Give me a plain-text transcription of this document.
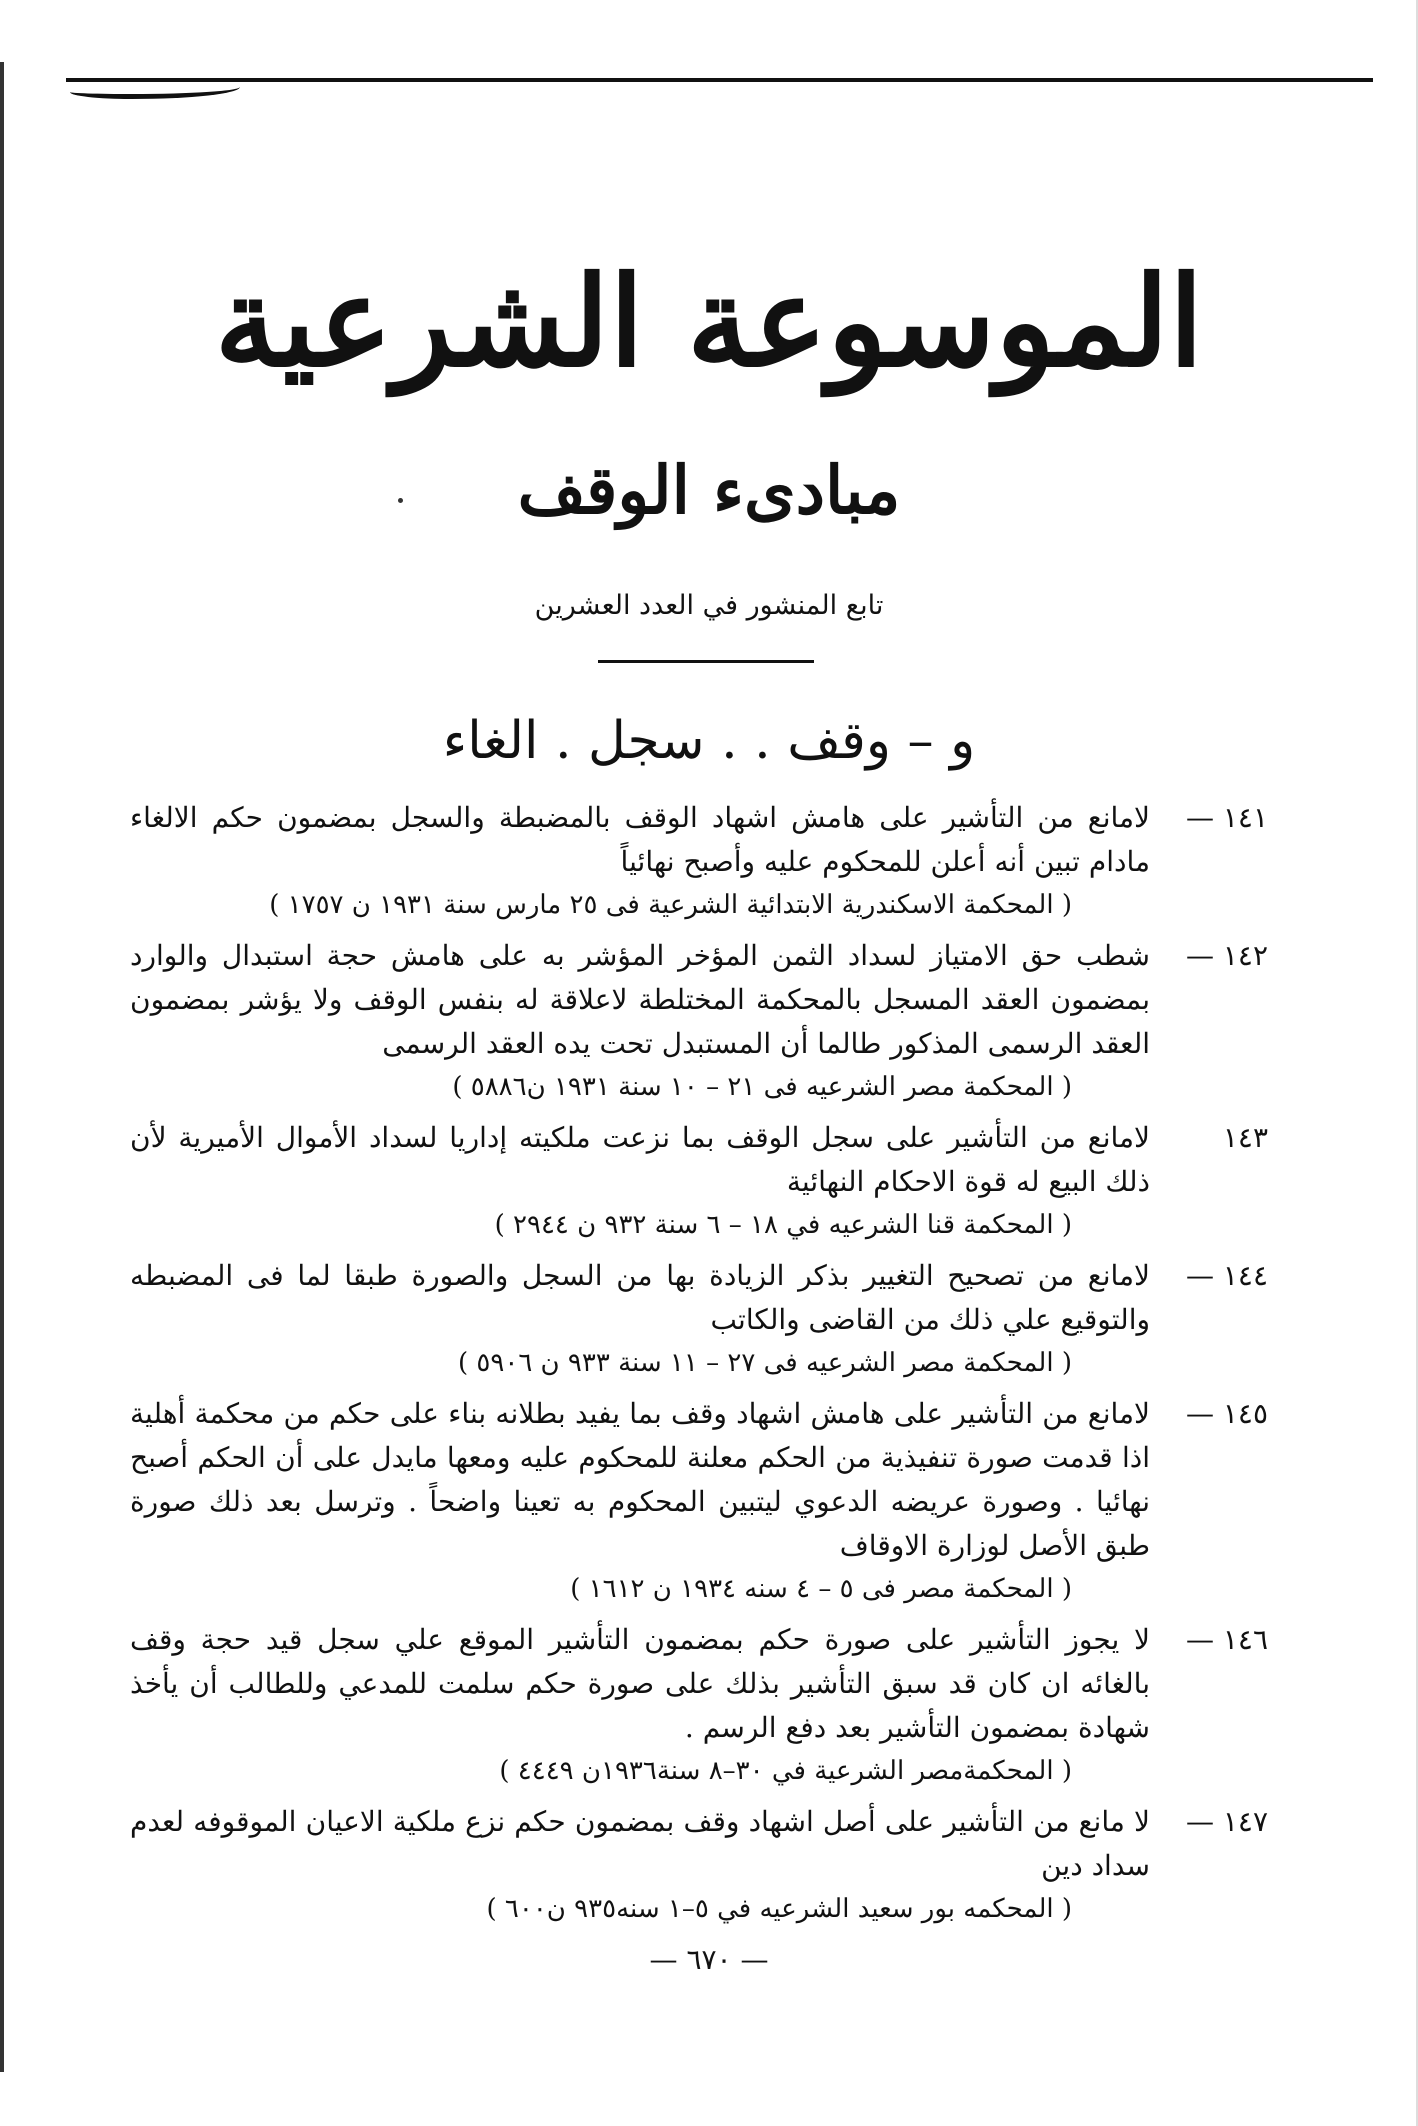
الموسوعة الشرعية
مبادىء الوقف
تابع المنشور في العدد العشرين
و – وقف . . سجل . الغاء
١٤١ —
لامانع من التأشير على هامش اشهاد الوقف بالمضبطة والسجل بمضمون حكم الالغاء مادام تبين أنه أعلن للمحكوم عليه وأصبح نهائياً
( المحكمة الاسكندرية الابتدائية الشرعية فى ٢٥ مارس سنة ١٩٣١ ن ١٧٥٧ )
١٤٢ —
شطب حق الامتياز لسداد الثمن المؤخر المؤشر به على هامش حجة استبدال والوارد بمضمون العقد المسجل بالمحكمة المختلطة لاعلاقة له بنفس الوقف ولا يؤشر بمضمون العقد الرسمى المذكور طالما أن المستبدل تحت يده العقد الرسمى
( المحكمة مصر الشرعيه فى ٢١ – ١٠ سنة ١٩٣١ ن٥٨٨٦ )
١٤٣
لامانع من التأشير على سجل الوقف بما نزعت ملكيته إداريا لسداد الأموال الأميرية لأن ذلك البيع له قوة الاحكام النهائية
( المحكمة قنا الشرعيه في ١٨ – ٦ سنة ٩٣٢ ن ٢٩٤٤ )
١٤٤ —
لامانع من تصحيح التغيير بذكر الزيادة بها من السجل والصورة طبقا لما فى المضبطه والتوقيع علي ذلك من القاضى والكاتب
( المحكمة مصر الشرعيه فى ٢٧ – ١١ سنة ٩٣٣ ن ٥٩٠٦ )
١٤٥ —
لامانع من التأشير على هامش اشهاد وقف بما يفيد بطلانه بناء على حكم من محكمة أهلية اذا قدمت صورة تنفيذية من الحكم معلنة للمحكوم عليه ومعها مايدل على أن الحكم أصبح نهائيا . وصورة عريضه الدعوي ليتبين المحكوم به تعينا واضحاً . وترسل بعد ذلك صورة طبق الأصل لوزارة الاوقاف
( المحكمة مصر فى ٥ – ٤ سنه ١٩٣٤ ن ١٦١٢ )
١٤٦ —
لا يجوز التأشير على صورة حكم بمضمون التأشير الموقع علي سجل قيد حجة وقف بالغائه ان كان قد سبق التأشير بذلك على صورة حكم سلمت للمدعي وللطالب أن يأخذ شهادة بمضمون التأشير بعد دفع الرسم .
( المحكمةمصر الشرعية في ٣٠–٨ سنة١٩٣٦ن ٤٤٤٩ )
١٤٧ —
لا مانع من التأشير على أصل اشهاد وقف بمضمون حكم نزع ملكية الاعيان الموقوفه لعدم سداد دين
( المحكمه بور سعيد الشرعيه في ٥–١ سنه٩٣٥ ن٦٠٠ )
— ٦٧٠ —
